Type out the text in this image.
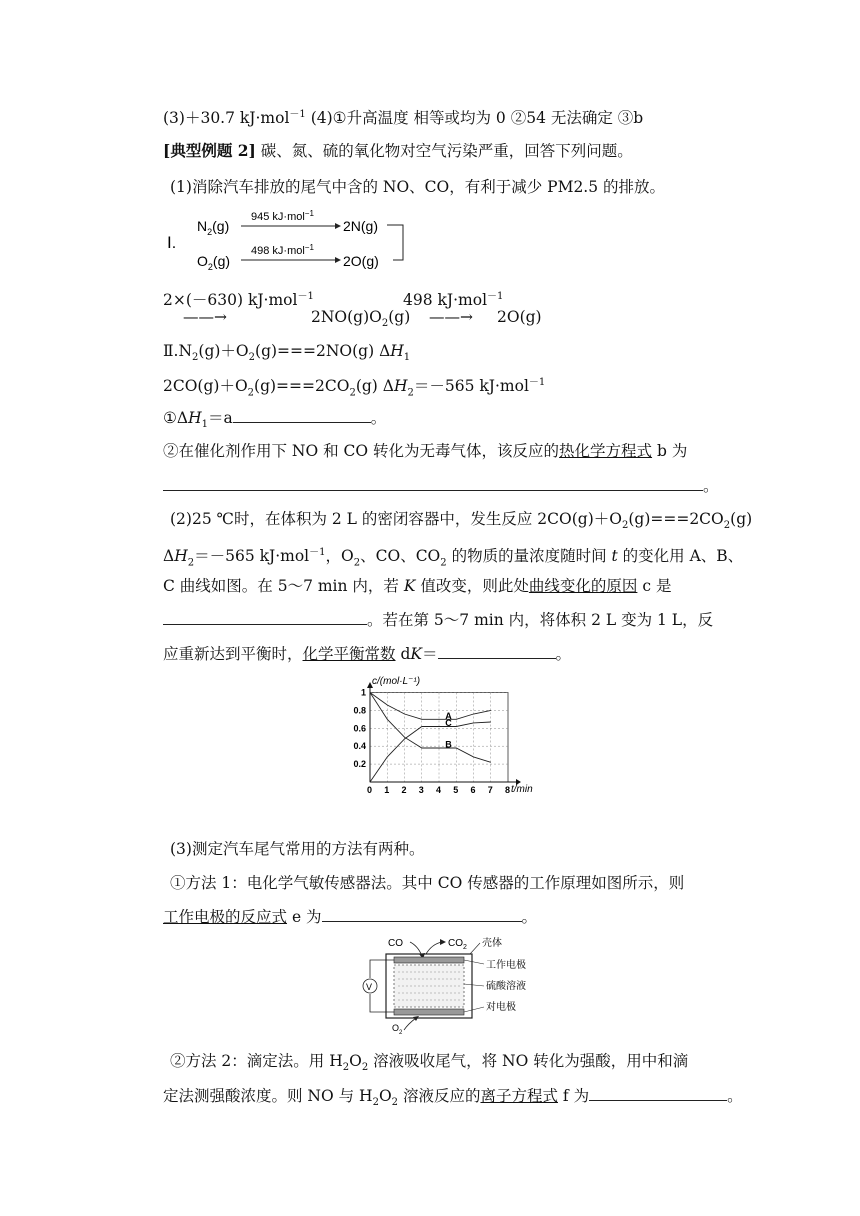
(3)＋30.7 kJ·mol$^{-1}$ (4)①升高温度 相等或均为 0 ②54 无法确定 ③b
[典型例题 2] 碳、氮、硫的氧化物对空气污染严重，回答下列问题。
(1)消除汽车排放的尾气中含的 NO、CO，有利于减少 PM2.5 的排放。
Ⅰ.
$N_2(g)$
945 kJ·mol$^{-1}$
2N(g)
$O_2(g)$
498 kJ·mol$^{-1}$
2O(g)
2×(－630) kJ·mol$^{-1}$	498 kJ·mol$^{-1}$
——→	$2NO(g)O_2(g)$ ——→ 2O(g)
$Ⅱ.N_2(g)+O_2(g)===2NO(g)$ $\Delta H_1$
$2CO(g)+O_2(g)===2CO_2(g)$ $\Delta H_2=-565$ kJ·mol$^{-1}$
$①\Delta H_1=a$	。
②在催化剂作用下 NO 和 CO 转化为无毒气体，该反应的热化学方程式 b 为
。
(2)25 ℃时，在体积为 2 L 的密闭容器中，发生反应 $2CO(g)+O_2(g)===2CO_2(g)$
$\Delta H_2=-565$ kJ·mol$^{-1}$，$O_2$、CO、$CO_2$ 的物质的量浓度随时间 t 的变化用 A、B、
C 曲线如图。在 5～7 min 内，若 K 值改变，则此处曲线变化的原因 c 是
。若在第 5～7 min 内，将体积 2 L 变为 1 L，反
应重新达到平衡时，化学平衡常数 dK＝	。
c/(mol·L⁻¹)
t/min
0 1 2 3 4 5 6 7 8
1
0.8
0.6
0.4
0.2
A
C
B
(3)测定汽车尾气常用的方法有两种。
①方法 1：电化学气敏传感器法。其中 CO 传感器的工作原理如图所示，则
工作电极的反应式 e 为	。
CO	$CO_2$ 壳体
V
工作电极
硫酸溶液
对电极
$O_2$
②方法 2：滴定法。用 $H_2O_2$ 溶液吸收尾气，将 NO 转化为强酸，用中和滴
定法测强酸浓度。则 NO 与 $H_2O_2$ 溶液反应的离子方程式 f 为	。
